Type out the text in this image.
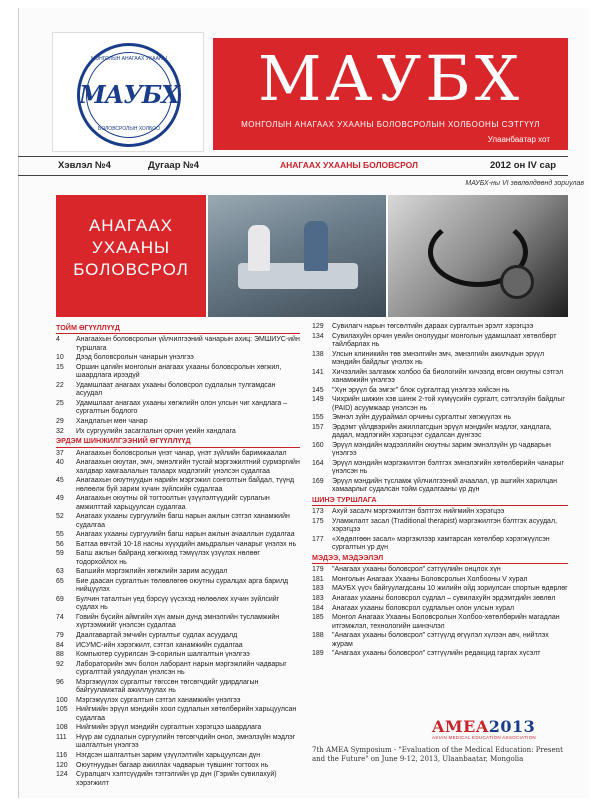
МОНГОЛЫН АНАГААХ УХААНЫ
МАУБХ
БОЛОВСРОЛЫН ХОЛБОО
МАУБХ
МОНГОЛЫН АНАГААХ УХААНЫ БОЛОВСРОЛЫН ХОЛБООНЫ СЭТГҮҮЛ
Улаанбаатар хот
Хэвлэл №4	Дугаар №4	АНАГААХ УХААНЫ БОЛОВСРОЛ	2012 он IV сар
МАУБХ-ны VI зөвлөлдөөнд зориулав
АНАГААХ
УХААНЫ
БОЛОВСРОЛ
ТОЙМ ӨГҮҮЛЛҮҮД
4	Анагаахын боловсролын үйлчилгээний чанарын ахиц: ЭМШИУС-ийн туршлага
10	Дээд боловсролын чанарын үнэлгээ
15	Оршин цагийн монголын анагаах ухааны боловсролын хөгжил, шаардлага ирээдүй
22	Удамшлаат анагаах ухааны боловсрол судлалын тулгамдсан асуудал
25	Удамшлаат анагаах ухааны хөгжлийн олон улсын чиг хандлага – сургалтын бодлого
29	Хандлагын мөн чанар
32	Их сургуулийн засаглалын орчин үеийн хандлага
ЭРДЭМ ШИНЖИЛГЭЭНИЙ ӨГҮҮЛЛҮҮД
37	Анагаахын боловсролын үнэт чанар, үнэт зүйлийн баримжаалал
40	Анагаахын оюутан, эмч, эмнэлгийн тусгай мэргэжилтний сурмэргийн халдвар хамгаалалын талаарх мэдлэгийг үнэлсэн судалгаа
45	Анагаахын оюутнуудын нарийн мэргэжил сонголтын байдал, түүнд нөлөөлж буй зарим хүчин зүйлсийн судалгаа
49	Анагаахын оюутны ой тогтоолтын үзүүлэлтүүдийг сурлагын амжилттай харьцуулсан судалгаа
52	Анагаах ухааны сургуулийн багш нарын ажлын сэтгэл ханамжийн судалгаа
55	Анагаах ухааны сургуулийн багш нарын ажлын ачааллын судалгаа
56	Батгаа өвчтэй 10-18 насны хүүхдийн амьдралын чанарыг үнэлэх нь
59	Багш ажлын байранд хөгжихөд тэмүүлэх үзүүлэх нөлөөг тодорхойлох нь
63	Багшийн мэргэжлийн хөгжлийн зарим асуудал
65	Бие даасан сургалтын төлөвлөгөө оюутны суралцах арга барилд нийцүүлэх
69	Булчин таталтын үед бэрсүү үүсэхэд нөлөөлөх хүчин зүйлсийг судлах нь
74	Говийн бүсийн аймгийн хүн амын дунд эмнэлгийн тусламжийн хүртээмжийг үнэлсэн судалгаа
79	Даалгавартай эмчийн сургалтыг судлах асуудалд
84	ИСУМС-ийн хэрэгжилт, сэтгэл ханамжийн судалгаа
88	Компьютер суурилсан Э-сорилын шалгалтын үнэлгээ
92	Лабораторийн эмч болон лаборант нарын мэргэжлийн чадварыг сургалттай уялдуулан үнэлсэн нь
96	Мэргэжүүлэх сургалтыг төгссөн төгсөгчдийг удирдлагын байгууламжтай ажиллуулах нь
100	Мэргэжүүлэх сургалтын сэтгэл ханамжийн үнэлгээ
105	Нийгмийн эрүүл мэндийн хоол судлалын хөтөлбөрийн харьцуулсан судалгаа
108	Нийгмийн эрүүл мэндийн сургалтын хэрэгцээ шаардлага
111	Нүүр ам судлалын сургуулийн төгсөгчдийн онол, эмнэлзүйн мэдлэг шалгалтын үнэлгээ
116	Нэгдсэн шалгалтын зарим үзүүлэлтийн харьцуулсан дүн
120	Оюутнуудын багаар ажиллах чадварын түвшинг тогтоох нь
124	Суралцагч хэлтсүүдийн тэтгэлгийн үр дүн (Гэрийн сувилахуй) хэрэгжилт
129	Сувилагч нарын төгсөлтийн дараах сургалтын эрэлт хэрэгцээ
134	Сувилахуйн орчин үеийн онолуудыг монголын удамшлаат хөтөлбөрт тайлбарлах нь
138	Улсын клиникийн төв эмнэлгийн эмч, эмнэлгийн ажилчдын эрүүл мэндийн байдлыг үнэлэх нь
141	Хичээлийн залгамж холбоо ба биологийн хичээлд өгсөн оюутны сэтгэл ханамжийн үнэлгээ
145	"Хүн эрүүл ба эмгэг" блок сургалтад үнэлгээ хийсэн нь
149	Чихрийн шижин хэв шинж 2-той хүмүүсийн сургалт, сэтгэлзүйн байдлыг (PAID) асуумжаар үнэлсэн нь
155	Эмнэл зүйн дуураймал орчины сургалтыг хөгжүүлэх нь
157	Эрдэмт үйлдвэрийн ажиллагсдын эрүүл мэндийн мэдлэг, хандлага, дадал, мэдлэгийн хэрэгцээг судалсан дүнгээс
160	Эрүүл мэндийн мэдээллийн оюутны зарим эмнэлзүйн ур чадварын үнэлгээ
164	Эрүүл мэндийн мэргэжилтэн бэлтгэх эмнэлэгийн хөтөлбөрийн чанарыг үнэлсэн нь
169	Эрүүл мэндийн түсламж үйлчилгээний ачаалал, үр ашгийн харилцан хамаарлыг судалсан тойм судалгааны үр дүн
ШИНЭ ТУРШЛАГА
173	Ахуй засалч мэргэжилтэн бэлтгэх нийгмийн хэрэгцээ
175	Уламжлалт засал (Traditional therapist) мэргэжилтэн бэлтгэх асуудал, хэрэгцээ
177	«Хөдөлгөөн засал» мэргэжлээр хамтарсан хөтөлбөр хэрэгжүүлсэн сургалтын үр дүн
МЭДЭЭ, МЭДЭЭЛЭЛ
179	"Анагаах ухааны боловсрол" сэтгүүлийн онцлох хүн
181	Монголын Анагаах Ухааны Боловсролын Холбооны V хурал
183	МАУБХ үүсч байгуулагдсаны 10 жилийн ойд зориулсан спортын өдөрлөг
183	Анагаах ухааны боловсрол судлал – сувилахуйн эрдэмтдийн зөвлөл
184	Анагаах ухааны боловсрол судлалын олон улсын хурал
185	Монгол Анагаах Ухааны Боловсролын Холбоо-хөтөлбөрийн магадлан итгэмжлэл, технологийн шинэчлэл
188	"Анагаах ухааны боловсрол" сэтгүүлд өгүүлэл хүлээн авч, нийтлэх журам
189	"Анагаах ухааны боловсрол" сэтгүүлийн редакцид гаргах хүсэлт
AMEA2013
ASIAN MEDICAL EDUCATION ASSOCIATION
7th AMEA Symposium - "Evaluation of the Medical Education: Present and the Future" on June 9-12, 2013, Ulaanbaatar, Mongolia
